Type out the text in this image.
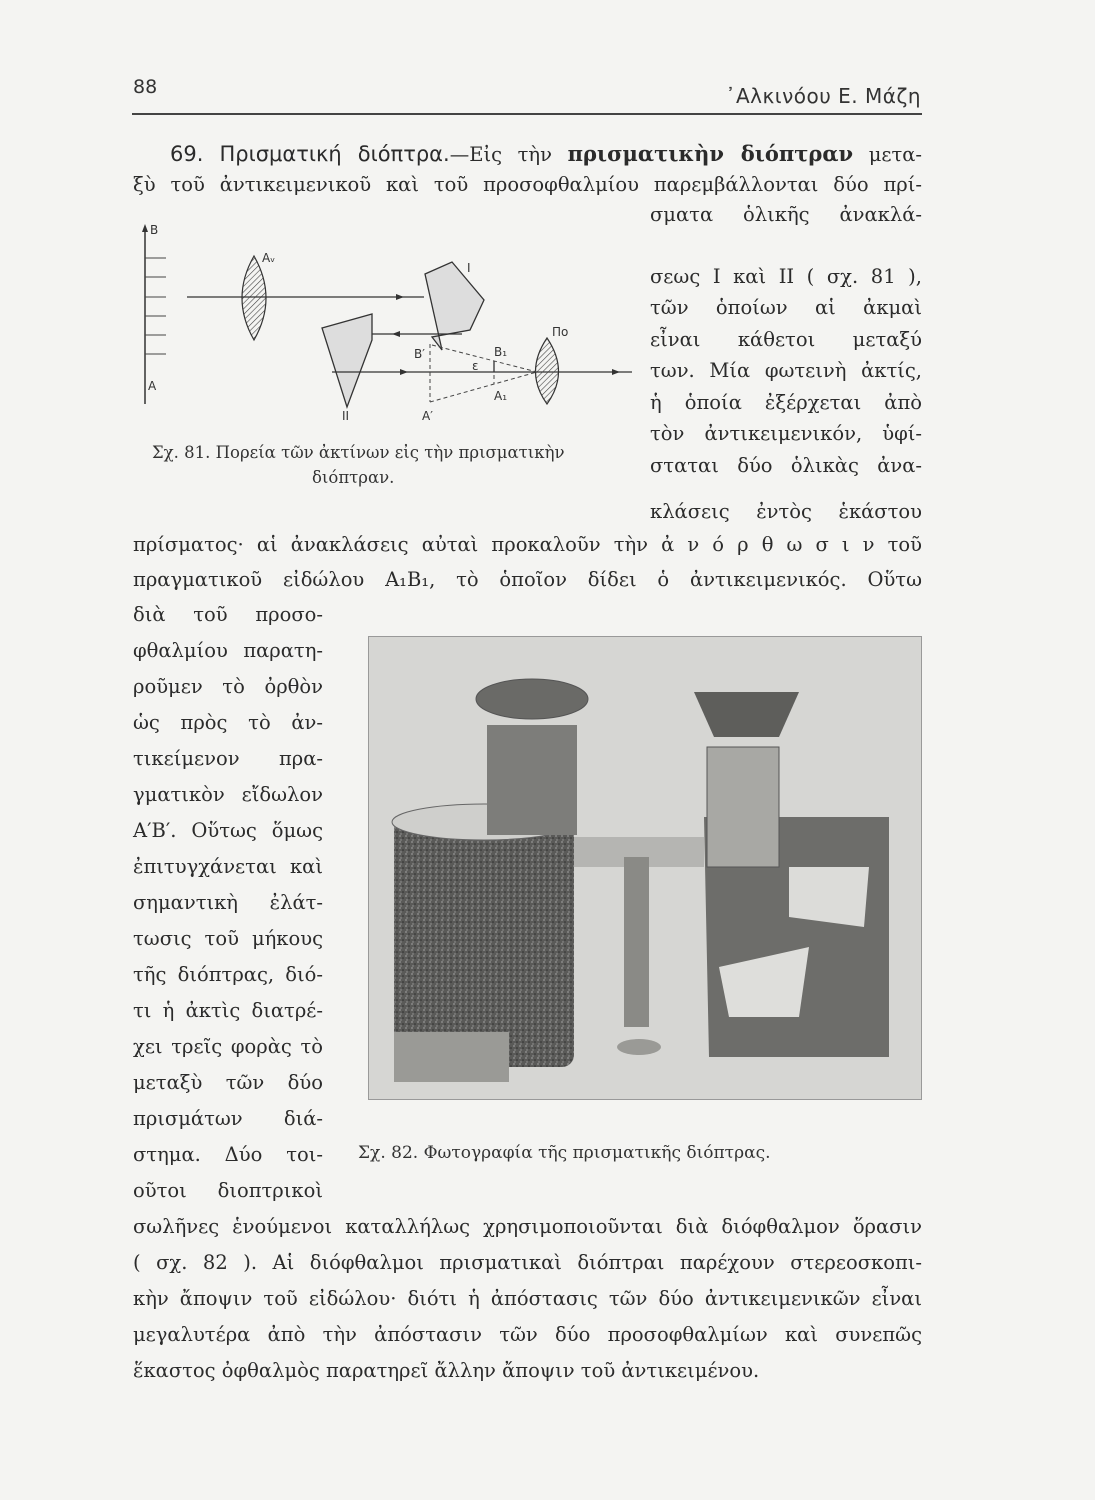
88	᾿Αλκινόου Ε. Μάζη
69. Πρισματική διόπτρα.—Εἰς τὴν πρισματικὴν διόπτραν μετα-
ξὺ τοῦ ἀντικειμενικοῦ καὶ τοῦ προσοφθαλμίου παρεμβάλλονται δύο πρί-
σματα ὁλικῆς ἀνακλά-
σεως I καὶ II ( σχ. 81 ),
τῶν ὁποίων αἱ ἀκμαὶ
εἶναι κάθετοι μεταξύ
των. Μία φωτεινὴ ἀκτίς,
ἡ ὁποία ἐξέρχεται ἀπὸ
τὸν ἀντικειμενικόν, ὑφί-
σταται δύο ὁλικὰς ἀνα-
κλάσεις ἐντὸς ἑκάστου
πρίσματος· αἱ ἀνακλάσεις αὐταὶ προκαλοῦν τὴν ἀ ν ό ρ θ ω σ ι ν τοῦ
πραγματικοῦ εἰδώλου A₁B₁, τὸ ὁποῖον δίδει ὁ ἀντικειμενικός. Οὕτω
διὰ τοῦ προσο-
φθαλμίου παρατη-
ροῦμεν τὸ ὀρθὸν
ὡς πρὸς τὸ ἀν-
τικείμενον πρα-
γματικὸν εἴδωλον
A′B′. Οὕτως ὅμως
ἐπιτυγχάνεται καὶ
σημαντικὴ ἐλάτ-
τωσις τοῦ μήκους
τῆς διόπτρας, διό-
τι ἡ ἀκτὶς διατρέ-
χει τρεῖς φορὰς τὸ
μεταξὺ τῶν δύο
πρισμάτων διά-
στημα. Δύο τοι-
οῦτοι διοπτρικοὶ
σωλῆνες ἑνούμενοι καταλλήλως χρησιμοποιοῦνται διὰ διόφθαλμον ὅρασιν
( σχ. 82 ). Αἱ διόφθαλμοι πρισματικαὶ διόπτραι παρέχουν στερεοσκοπι-
κὴν ἄποψιν τοῦ εἰδώλου· διότι ἡ ἀπόστασις τῶν δύο ἀντικειμενικῶν εἶναι
μεγαλυτέρα ἀπὸ τὴν ἀπόστασιν τῶν δύο προσοφθαλμίων καὶ συνεπῶς
ἕκαστος ὀφθαλμὸς παρατηρεῖ ἄλλην ἄποψιν τοῦ ἀντικειμένου.
B
A
Aᵥ
I
II
Πο
B′
A′
B₁
A₁
ε
Σχ. 81. Πορεία τῶν ἀκτίνων εἰς τὴν πρισματικὴν
διόπτραν.
Σχ. 82. Φωτογραφία τῆς πρισματικῆς διόπτρας.
